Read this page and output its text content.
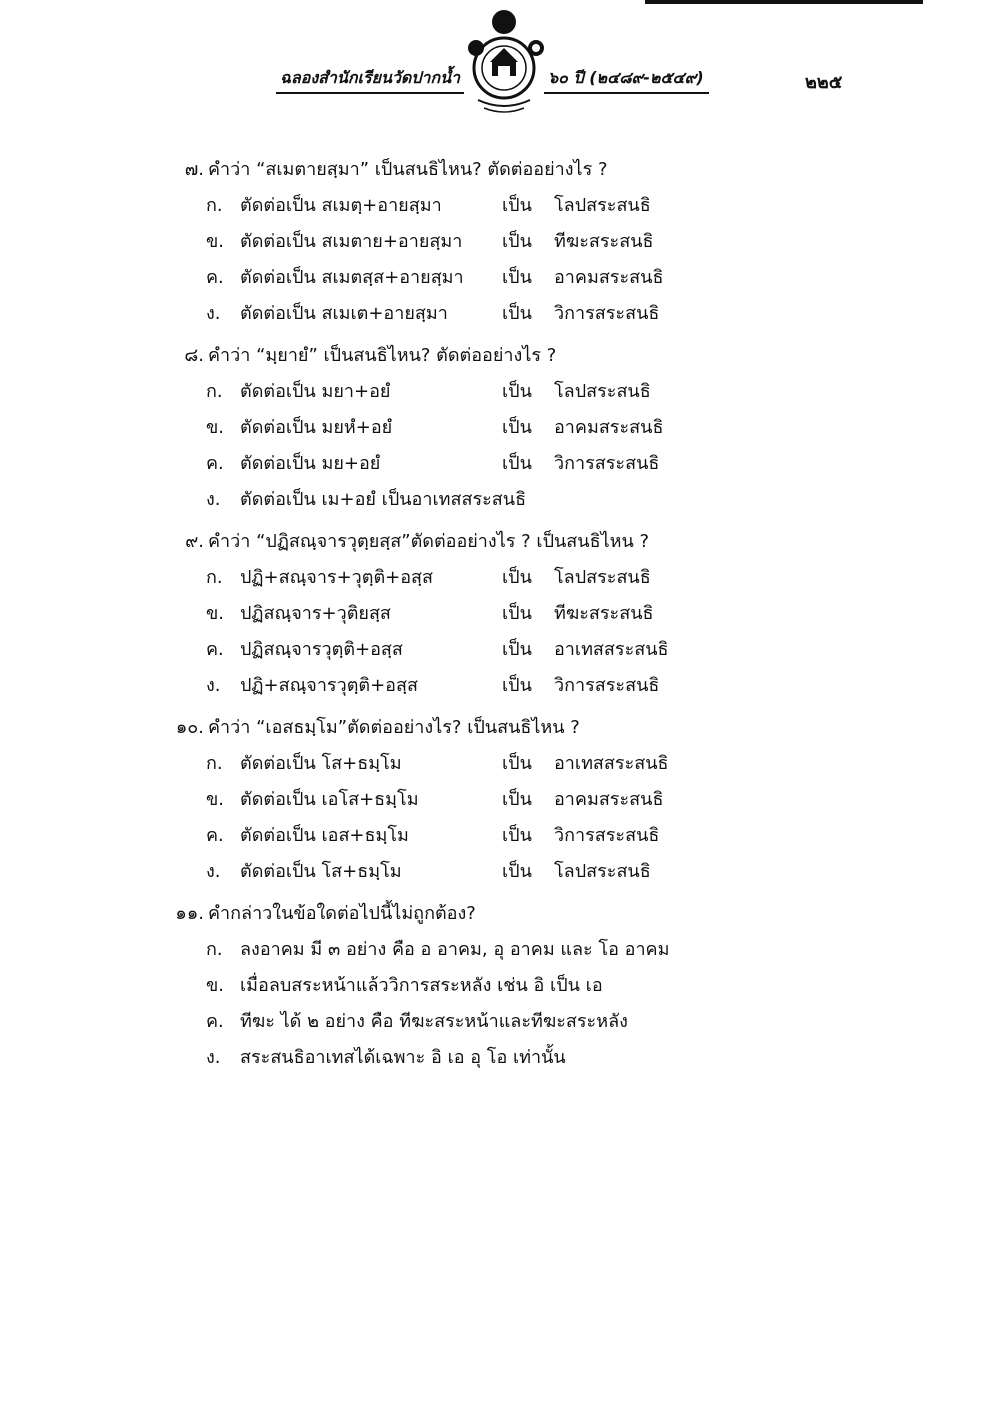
ฉลองสำนักเรียนวัดปากน้ำ	๖๐ ปี (๒๔๘๙-๒๕๔๙)	๒๒๕
๗. คำว่า “สเมตายสฺมา” เป็นสนธิไหน? ตัดต่ออย่างไร ?
ก. ตัดต่อเป็น สเมตฺ+อายสฺมา	เป็น โลปสระสนธิ
ข. ตัดต่อเป็น สเมตาย+อายสฺมา เป็น ทีฆะสระสนธิ
ค. ตัดต่อเป็น สเมตสฺส+อายสฺมา เป็น อาคมสระสนธิ
ง. ตัดต่อเป็น สเมเต+อายสฺมา	เป็น วิการสระสนธิ
๘. คำว่า “มฺยายํ” เป็นสนธิไหน? ตัดต่ออย่างไร ?
ก. ตัดต่อเป็น มยา+อยํ	เป็น โลปสระสนธิ
ข. ตัดต่อเป็น มยหํ+อยํ	เป็น อาคมสระสนธิ
ค. ตัดต่อเป็น มย+อยํ	เป็น วิการสระสนธิ
ง. ตัดต่อเป็น เม+อยํ เป็นอาเทสสระสนธิ
๙. คำว่า “ปฏิสณฺจารวุตฺยสฺส”ตัดต่ออย่างไร ? เป็นสนธิไหน ?
ก. ปฏิ+สณฺจาร+วุตฺติ+อสฺส	เป็น โลปสระสนธิ
ข. ปฏิสณฺจาร+วุติยสฺส	เป็น ทีฆะสระสนธิ
ค. ปฏิสณฺจารวุตฺติ+อสฺส	เป็น อาเทสสระสนธิ
ง. ปฏิ+สณฺจารวุตฺติ+อสฺส	เป็น วิการสระสนธิ
๑๐. คำว่า “เอสธมฺโม”ตัดต่ออย่างไร? เป็นสนธิไหน ?
ก. ตัดต่อเป็น โส+ธมฺโม	เป็น อาเทสสระสนธิ
ข. ตัดต่อเป็น เอโส+ธมฺโม	เป็น อาคมสระสนธิ
ค. ตัดต่อเป็น เอส+ธมฺโม	เป็น วิการสระสนธิ
ง. ตัดต่อเป็น โส+ธมฺโม	เป็น โลปสระสนธิ
๑๑. คำกล่าวในข้อใดต่อไปนี้ไม่ถูกต้อง?
ก. ลงอาคม มี ๓ อย่าง คือ อ อาคม, อุ อาคม และ โอ อาคม
ข. เมื่อลบสระหน้าแล้ววิการสระหลัง เช่น อิ เป็น เอ
ค. ทีฆะ ได้ ๒ อย่าง คือ ทีฆะสระหน้าและทีฆะสระหลัง
ง. สระสนธิอาเทสได้เฉพาะ อิ เอ อุ โอ เท่านั้น
